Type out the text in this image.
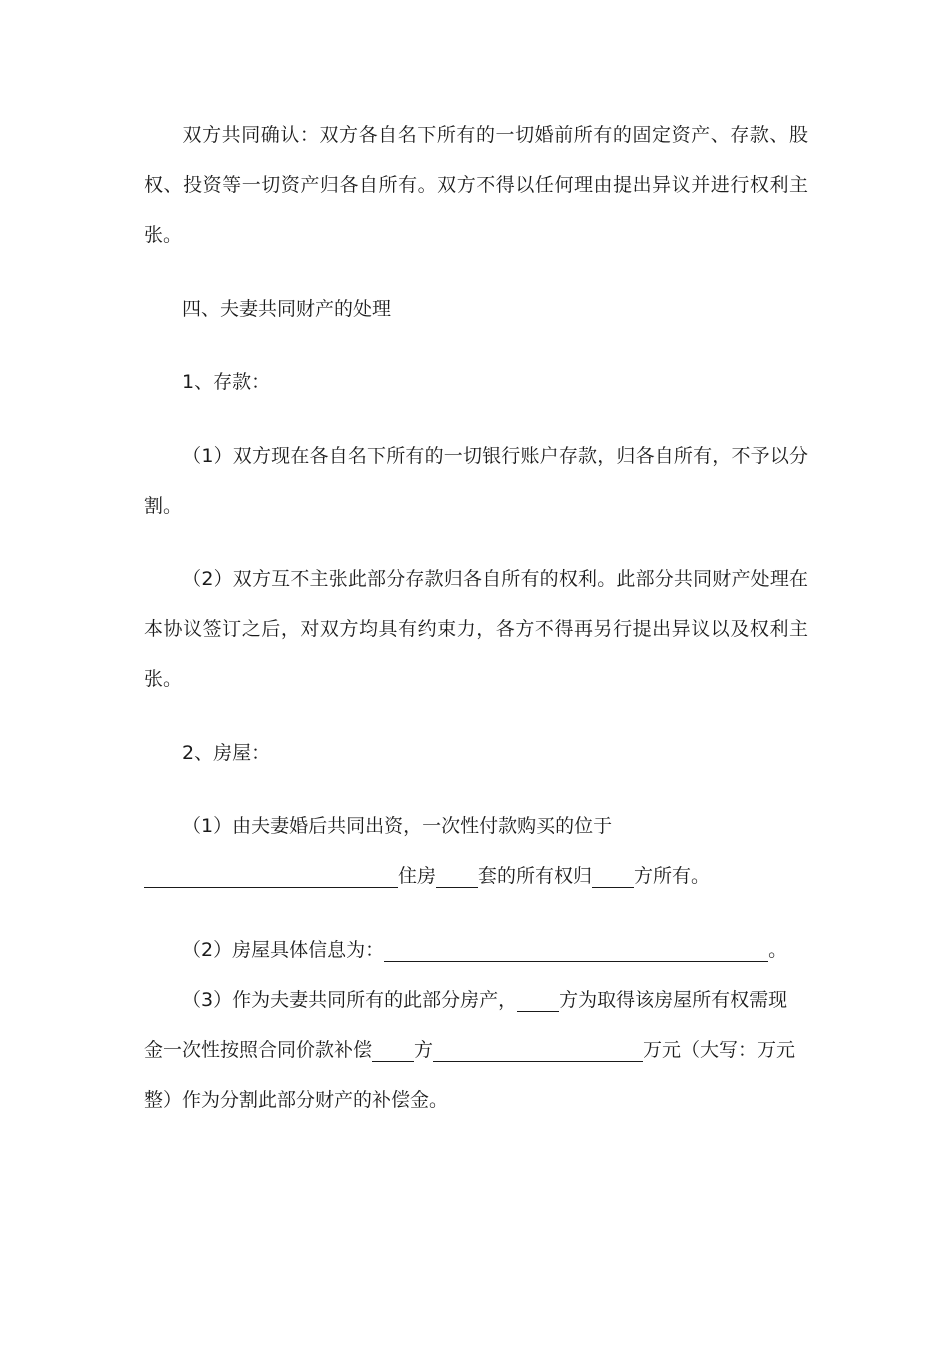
双方共同确认：双方各自名下所有的一切婚前所有的固定资产、存款、股权、投资等一切资产归各自所有。双方不得以任何理由提出异议并进行权利主张。

四、夫妻共同财产的处理

1、存款：

（1）双方现在各自名下所有的一切银行账户存款，归各自所有，不予以分割。

（2）双方互不主张此部分存款归各自所有的权利。此部分共同财产处理在本协议签订之后，对双方均具有约束力，各方不得再另行提出异议以及权利主张。

2、房屋：

（1）由夫妻婚后共同出资，一次性付款购买的位于
住房 套的所有权归 方所有。
（2）房屋具体信息为：	。
（3）作为夫妻共同所有的此部分房产， 方为取得该房屋所有权需现
金一次性按照合同价款补偿 方	万元（大写：万元
整）作为分割此部分财产的补偿金。
